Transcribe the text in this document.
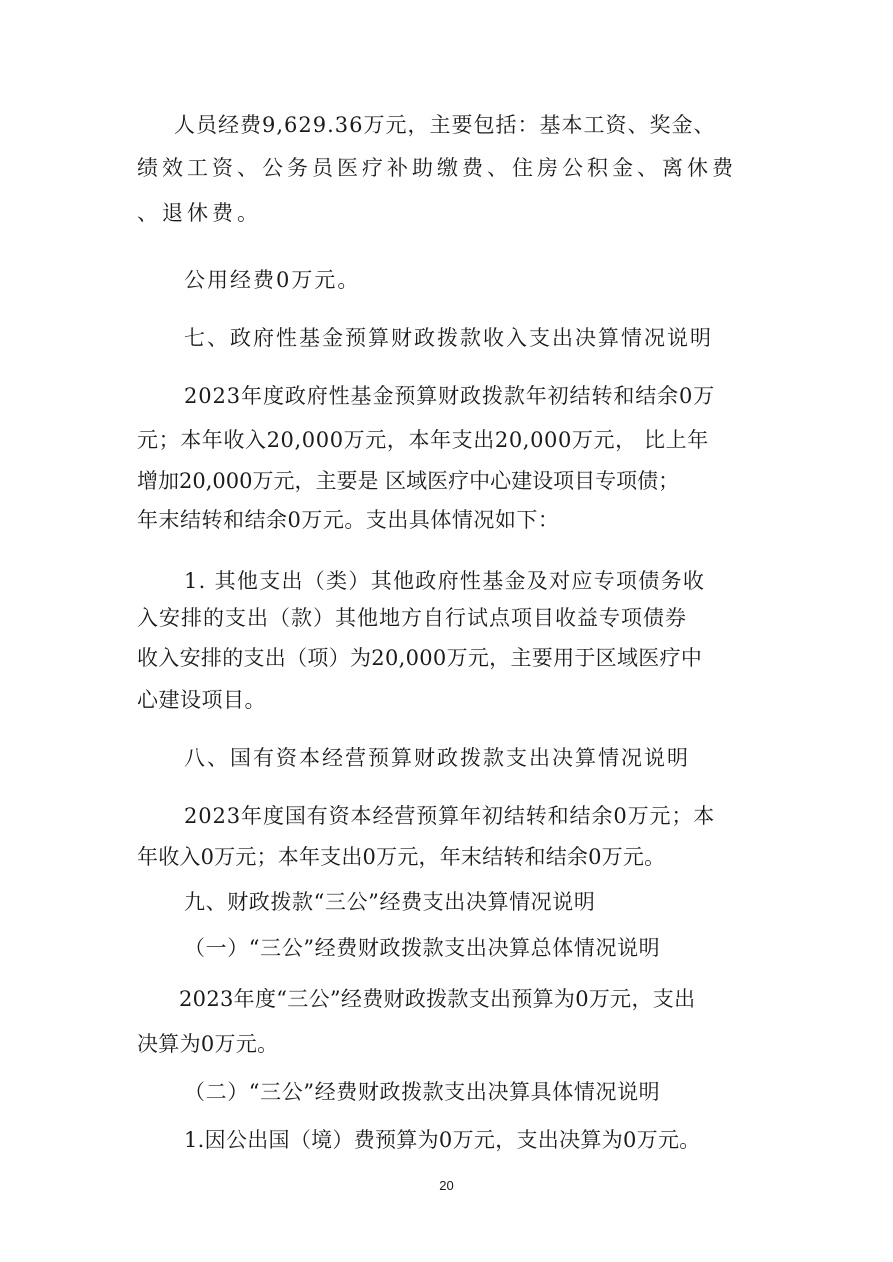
人员经费9,629.36万元，主要包括：基本工资、奖金、
绩效工资、公务员医疗补助缴费、住房公积金、离休费
、退休费。
公用经费0万元。
七、政府性基金预算财政拨款收入支出决算情况说明
2023年度政府性基金预算财政拨款年初结转和结余0万
元；本年收入20,000万元，本年支出20,000万元， 比上年
增加20,000万元，主要是 区域医疗中心建设项目专项债；
年末结转和结余0万元。支出具体情况如下：
1. 其他支出（类）其他政府性基金及对应专项债务收
入安排的支出（款）其他地方自行试点项目收益专项债券
收入安排的支出（项）为20,000万元，主要用于区域医疗中
心建设项目。
八、国有资本经营预算财政拨款支出决算情况说明
2023年度国有资本经营预算年初结转和结余0万元；本
年收入0万元；本年支出0万元，年末结转和结余0万元。
九、财政拨款“三公”经费支出决算情况说明
（一）“三公”经费财政拨款支出决算总体情况说明
2023年度“三公”经费财政拨款支出预算为0万元，支出
决算为0万元。
（二）“三公”经费财政拨款支出决算具体情况说明
1.因公出国（境）费预算为0万元，支出决算为0万元。
20
